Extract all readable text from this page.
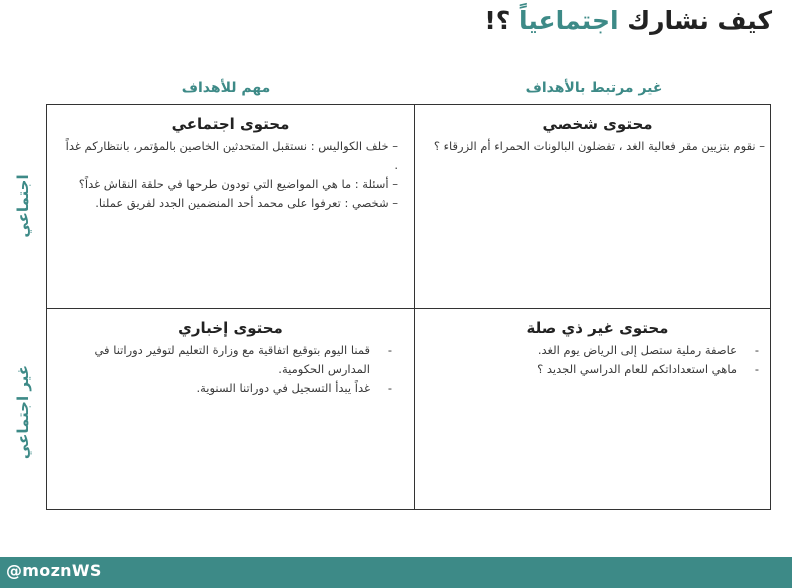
كيف نشارك اجتماعياً ؟!
غير مرتبط بالأهداف
مهم للأهداف
اجتماعي
غير اجتماعي
محتوى شخصي
– نقوم بتزيين مقر فعالية الغد ، تفضلون البالونات الحمراء أم الزرقاء ؟
محتوى اجتماعي
– خلف الكواليس : نستقبل المتحدثين الخاصين بالمؤتمر، بانتظاركم غداً .
– أسئلة : ما هي المواضيع التي تودون طرحها في حلقة النقاش غداً؟
– شخصي : تعرفوا على محمد أحد المنضمين الجدد لفريق عملنا.
محتوى غير ذي صلة
- عاصفة رملية ستصل إلى الرياض يوم الغد.
- ماهي استعداداتكم للعام الدراسي الجديد ؟
محتوى إخباري
- قمنا اليوم بتوقيع اتفاقية مع وزارة التعليم لتوفير دوراتنا في المدارس الحكومية.
- غداً يبدأ التسجيل في دوراتنا السنوية.
@moznWS
